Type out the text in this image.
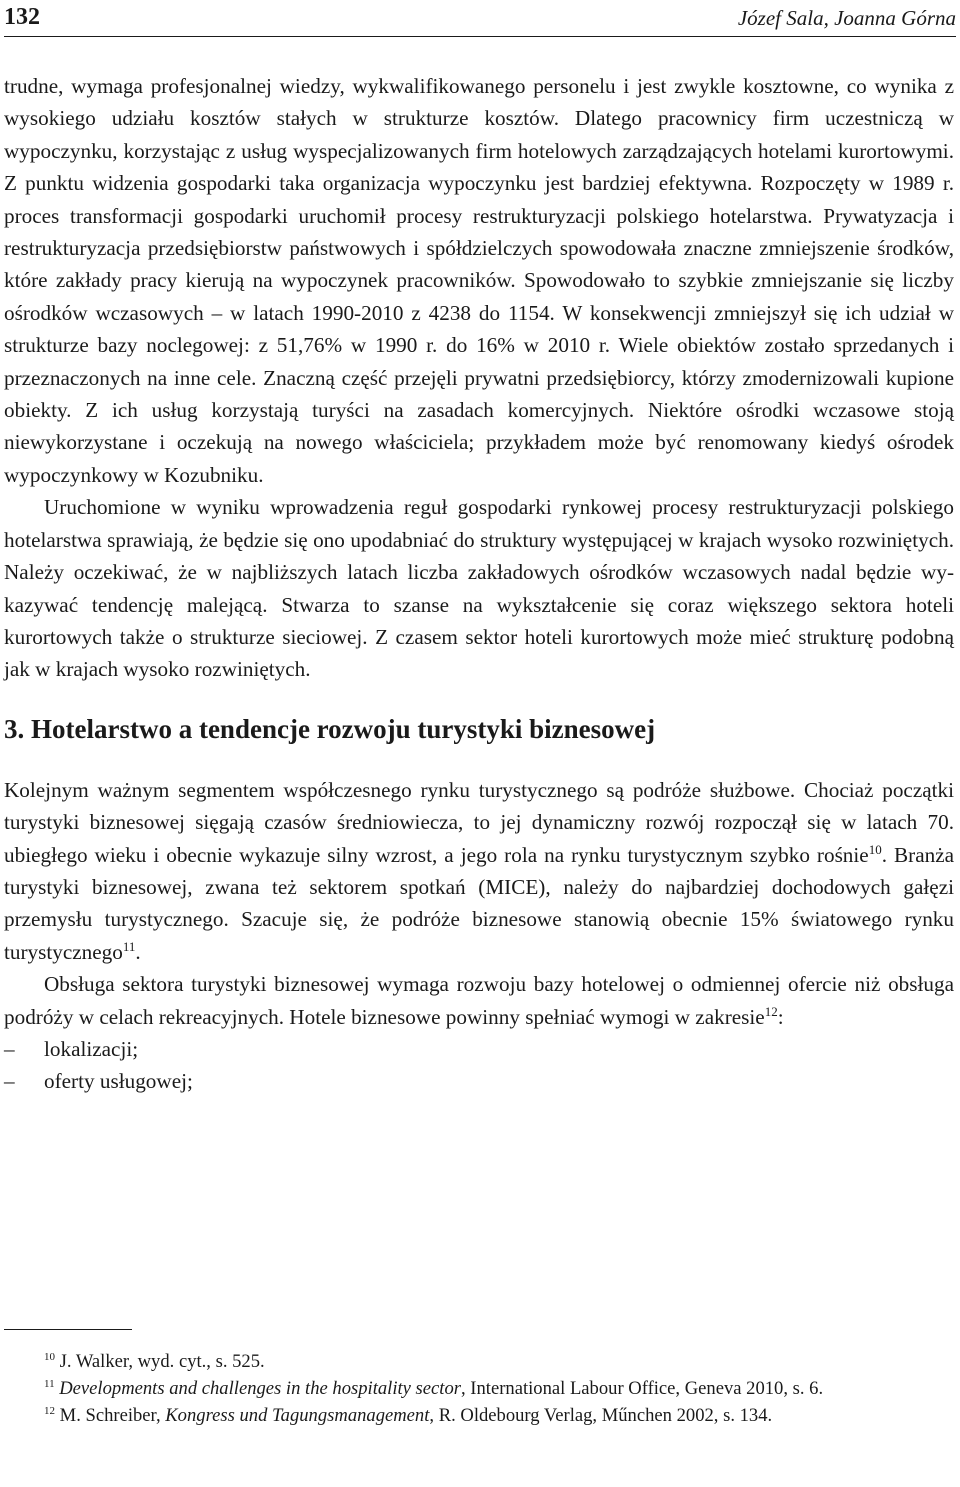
132	Józef Sala, Joanna Górna

trudne, wymaga profesjonalnej wiedzy, wykwalifikowanego personelu i jest zwykle kosztowne, co wynika z wysokiego udziału kosztów stałych w strukturze kosztów. Dlatego pracownicy firm uczestniczą w wypoczynku, korzystając z usług wyspecjalizowanych firm hotelowych zarządzających hotelami kurortowymi. Z punktu widzenia gospodarki taka organizacja wypoczynku jest bardziej efektywna. Rozpoczęty w 1989 r. proces transformacji gospodarki uruchomił procesy restrukturyzacji polskiego hotelarstwa. Prywatyzacja i restrukturyzacja przedsiębiorstw państwowych i spółdzielczych spowodowała znaczne zmniejszenie środków, które zakłady pracy kierują na wypoczynek pracowników. Spowodowało to szybkie zmniejszanie się liczby ośrodków wczasowych – w latach 1990-2010 z 4238 do 1154. W konsekwencji zmniejszył się ich udział w strukturze bazy noclegowej: z 51,76% w 1990 r. do 16% w 2010 r. Wiele obiektów zostało sprzedanych i przeznaczonych na inne cele. Znaczną część przejęli prywatni przedsiębiorcy, którzy zmodernizowali kupione obiekty. Z ich usług korzystają turyści na zasadach komercyjnych. Niektóre ośrodki wczasowe stoją niewykorzystane i oczekują na nowego właściciela; przykładem może być renomowany kiedyś ośrodek wypoczynkowy w Kozubniku.

Uruchomione w wyniku wprowadzenia reguł gospodarki rynkowej procesy restrukturyzacji polskiego hotelarstwa sprawiają, że będzie się ono upodabniać do struktury występującej w krajach wysoko rozwiniętych. Należy oczekiwać, że w najbliższych latach liczba zakładowych ośrodków wczasowych nadal będzie wykazywać tendencję malejącą. Stwarza to szanse na wykształcenie się coraz większego sektora hoteli kurortowych także o strukturze sieciowej. Z czasem sektor hoteli kurortowych może mieć strukturę podobną jak w krajach wysoko rozwiniętych.

3. Hotelarstwo a tendencje rozwoju turystyki biznesowej

Kolejnym ważnym segmentem współczesnego rynku turystycznego są podróże służbowe. Chociaż początki turystyki biznesowej sięgają czasów średniowiecza, to jej dynamiczny rozwój rozpoczął się w latach 70. ubiegłego wieku i obecnie wykazuje silny wzrost, a jego rola na rynku turystycznym szybko rośnie$^{10}$. Branża turystyki biznesowej, zwana też sektorem spotkań (MICE), należy do najbardziej dochodowych gałęzi przemysłu turystycznego. Szacuje się, że podróże biznesowe stanowią obecnie 15% światowego rynku turystycznego$^{11}$.

Obsługa sektora turystyki biznesowej wymaga rozwoju bazy hotelowej o odmiennej ofercie niż obsługa podróży w celach rekreacyjnych. Hotele biznesowe powinny spełniać wymogi w zakresie$^{12}$:

– lokalizacji;
– oferty usługowej;

$^{10}$ J. Walker, wyd. cyt., s. 525.

$^{11}$ Developments and challenges in the hospitality sector, International Labour Office, Geneva 2010, s. 6.

$^{12}$ M. Schreiber, Kongress und Tagungsmanagement, R. Oldebourg Verlag, Műnchen 2002, s. 134.
